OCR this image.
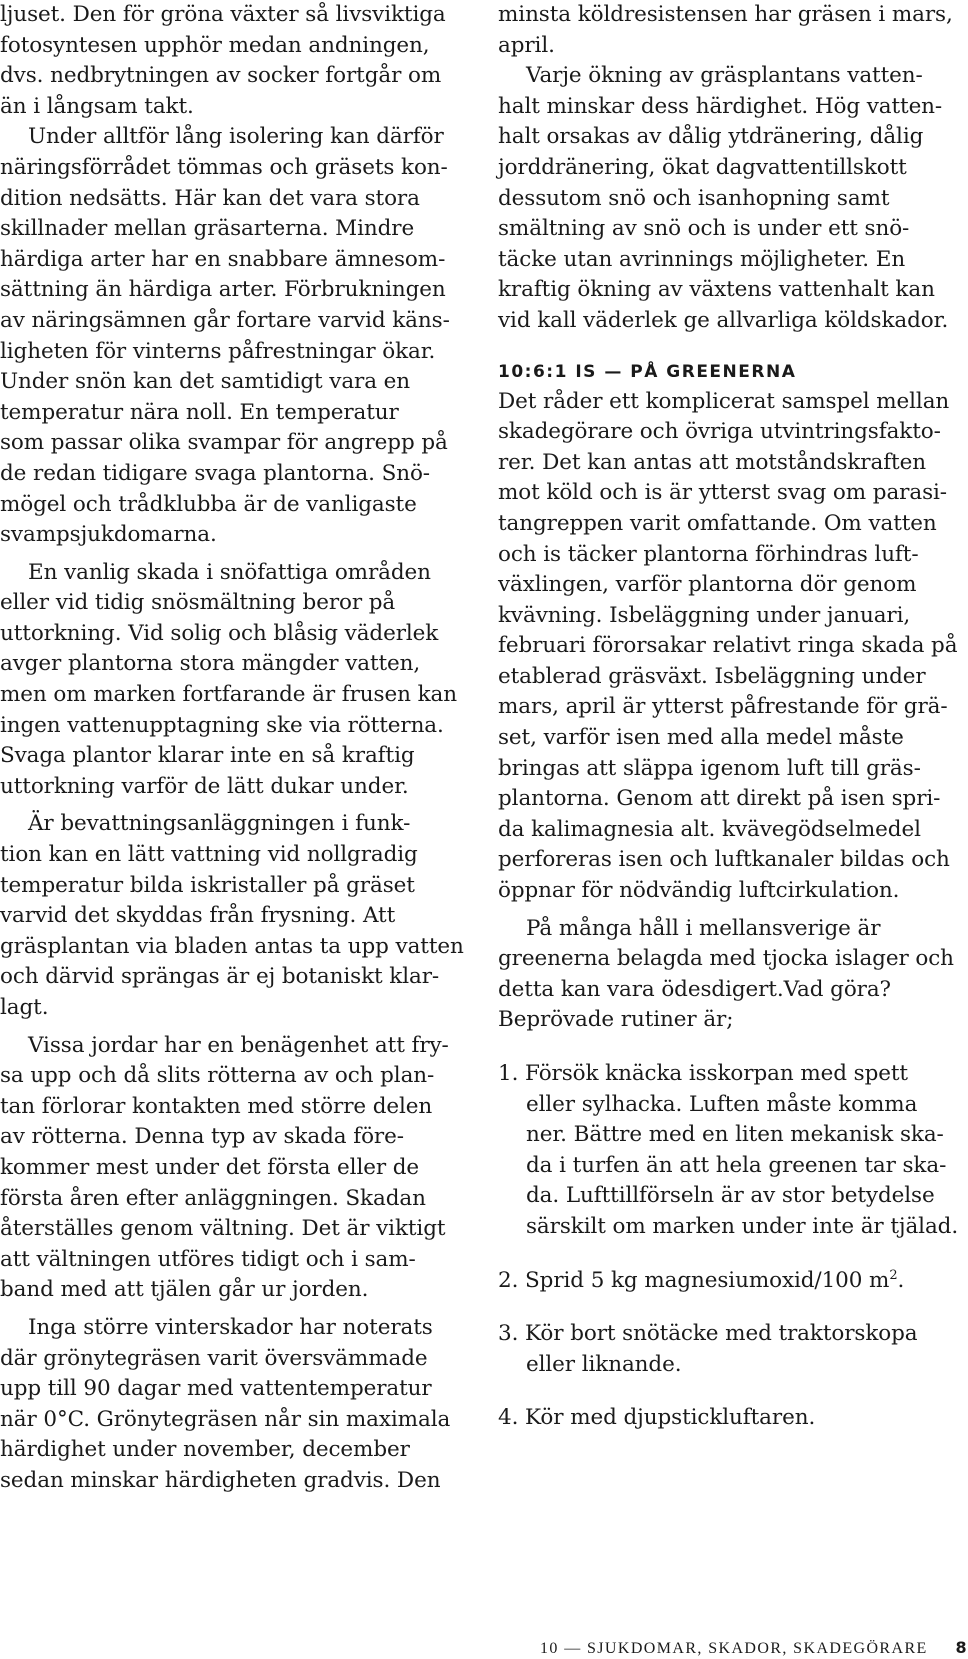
ljuset. Den för gröna växter så livsviktiga
fotosyntesen upphör medan andningen,
dvs. nedbrytningen av socker fortgår om
än i långsam takt.
Under alltför lång isolering kan därför
näringsförrådet tömmas och gräsets kon-
dition nedsätts. Här kan det vara stora
skillnader mellan gräsarterna. Mindre
härdiga arter har en snabbare ämnesom-
sättning än härdiga arter. Förbrukningen
av näringsämnen går fortare varvid käns-
ligheten för vinterns påfrestningar ökar.
Under snön kan det samtidigt vara en
temperatur nära noll. En temperatur
som passar olika svampar för angrepp på
de redan tidigare svaga plantorna. Snö-
mögel och trådklubba är de vanligaste
svampsjukdomarna.
En vanlig skada i snöfattiga områden
eller vid tidig snösmältning beror på
uttorkning. Vid solig och blåsig väderlek
avger plantorna stora mängder vatten,
men om marken fortfarande är frusen kan
ingen vattenupptagning ske via rötterna.
Svaga plantor klarar inte en så kraftig
uttorkning varför de lätt dukar under.
Är bevattningsanläggningen i funk-
tion kan en lätt vattning vid nollgradig
temperatur bilda iskristaller på gräset
varvid det skyddas från frysning. Att
gräsplantan via bladen antas ta upp vatten
och därvid sprängas är ej botaniskt klar-
lagt.
Vissa jordar har en benägenhet att fry-
sa upp och då slits rötterna av och plan-
tan förlorar kontakten med större delen
av rötterna. Denna typ av skada före-
kommer mest under det första eller de
första åren efter anläggningen. Skadan
återställes genom vältning. Det är viktigt
att vältningen utföres tidigt och i sam-
band med att tjälen går ur jorden.
Inga större vinterskador har noterats
där grönytegräsen varit översvämmade
upp till 90 dagar med vattentemperatur
när 0°C. Grönytegräsen når sin maximala
härdighet under november, december
sedan minskar härdigheten gradvis. Den
minsta köldresistensen har gräsen i mars,
april.
Varje ökning av gräsplantans vatten-
halt minskar dess härdighet. Hög vatten-
halt orsakas av dålig ytdränering, dålig
jorddränering, ökat dagvattentillskott
dessutom snö och isanhopning samt
smältning av snö och is under ett snö-
täcke utan avrinnings möjligheter. En
kraftig ökning av växtens vattenhalt kan
vid kall väderlek ge allvarliga köldskador.
10:6:1 IS — PÅ GREENERNA
Det råder ett komplicerat samspel mellan
skadegörare och övriga utvintringsfakto-
rer. Det kan antas att motståndskraften
mot köld och is är ytterst svag om parasi-
tangreppen varit omfattande. Om vatten
och is täcker plantorna förhindras luft-
växlingen, varför plantorna dör genom
kvävning. Isbeläggning under januari,
februari förorsakar relativt ringa skada på
etablerad gräsväxt. Isbeläggning under
mars, april är ytterst påfrestande för grä-
set, varför isen med alla medel måste
bringas att släppa igenom luft till gräs-
plantorna. Genom att direkt på isen spri-
da kalimagnesia alt. kvävegödselmedel
perforeras isen och luftkanaler bildas och
öppnar för nödvändig luftcirkulation.
På många håll i mellansverige är
greenerna belagda med tjocka islager och
detta kan vara ödesdigert.Vad göra?
Beprövade rutiner är;
1. Försök knäcka isskorpan med spett
eller sylhacka. Luften måste komma
ner. Bättre med en liten mekanisk ska-
da i turfen än att hela greenen tar ska-
da. Lufttillförseln är av stor betydelse
särskilt om marken under inte är tjälad.
2. Sprid 5 kg magnesiumoxid/100 $m^2$.
3. Kör bort snötäcke med traktorskopa
eller liknande.
4. Kör med djupstickluftaren.
10 — SJUKDOMAR, SKADOR, SKADEGÖRARE 8
